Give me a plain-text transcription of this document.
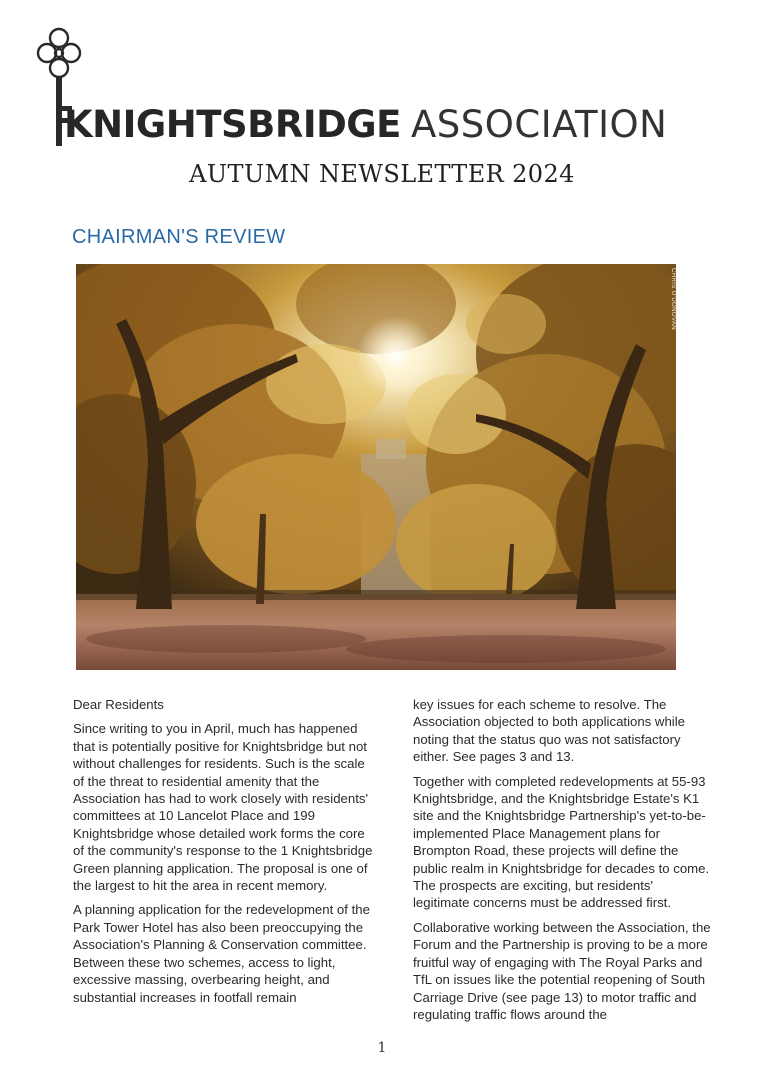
KNIGHTSBRIDGE ASSOCIATION
AUTUMN NEWSLETTER 2024
CHAIRMAN'S REVIEW
CHRIS O'DONOVAN

Dear Residents

Since writing to you in April, much has happened that is potentially positive for Knightsbridge but not without challenges for residents. Such is the scale of the threat to residential amenity that the Association has had to work closely with residents' committees at 10 Lancelot Place and 199 Knightsbridge whose detailed work forms the core of the community's response to the 1 Knightsbridge Green planning application. The proposal is one of the largest to hit the area in recent memory.

A planning application for the redevelopment of the Park Tower Hotel has also been preoccupying the Association's Planning & Conservation committee. Between these two schemes, access to light, excessive massing, overbearing height, and substantial increases in footfall remain

key issues for each scheme to resolve. The Association objected to both applications while noting that the status quo was not satisfactory either. See pages 3 and 13.

Together with completed redevelopments at 55-93 Knightsbridge, and the Knightsbridge Estate's K1 site and the Knightsbridge Partnership's yet-to-be-implemented Place Management plans for Brompton Road, these projects will define the public realm in Knightsbridge for decades to come. The prospects are exciting, but residents' legitimate concerns must be addressed first.

Collaborative working between the Association, the Forum and the Partnership is proving to be a more fruitful way of engaging with The Royal Parks and TfL on issues like the potential reopening of South Carriage Drive (see page 13) to motor traffic and regulating traffic flows around the

1
